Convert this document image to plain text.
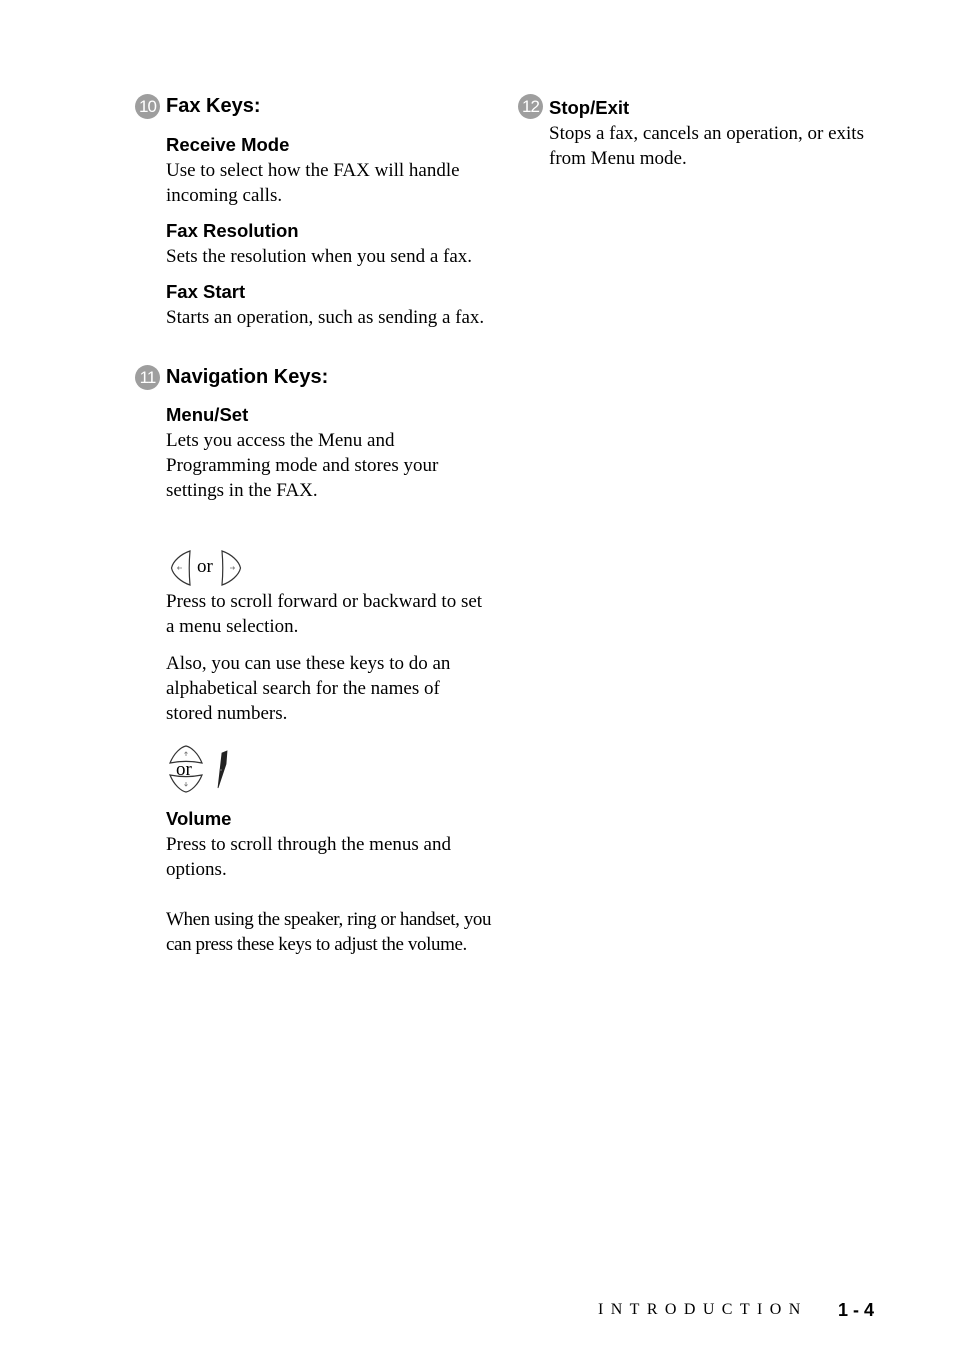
10 Fax Keys:
Receive Mode
Use to select how the FAX will handle incoming calls.
Fax Resolution
Sets the resolution when you send a fax.
Fax Start
Starts an operation, such as sending a fax.
11 Navigation Keys:
Menu/Set
Lets you access the Menu and Programming mode and stores your settings in the FAX.
or
Press to scroll forward or backward to set a menu selection.
Also, you can use these keys to do an alphabetical search for the names of stored numbers.
or
Volume
Press to scroll through the menus and options.
When using the speaker, ring or handset, you can press these keys to adjust the volume.
12 Stop/Exit
Stops a fax, cancels an operation, or exits from Menu mode.
INTRODUCTION 1 - 4
